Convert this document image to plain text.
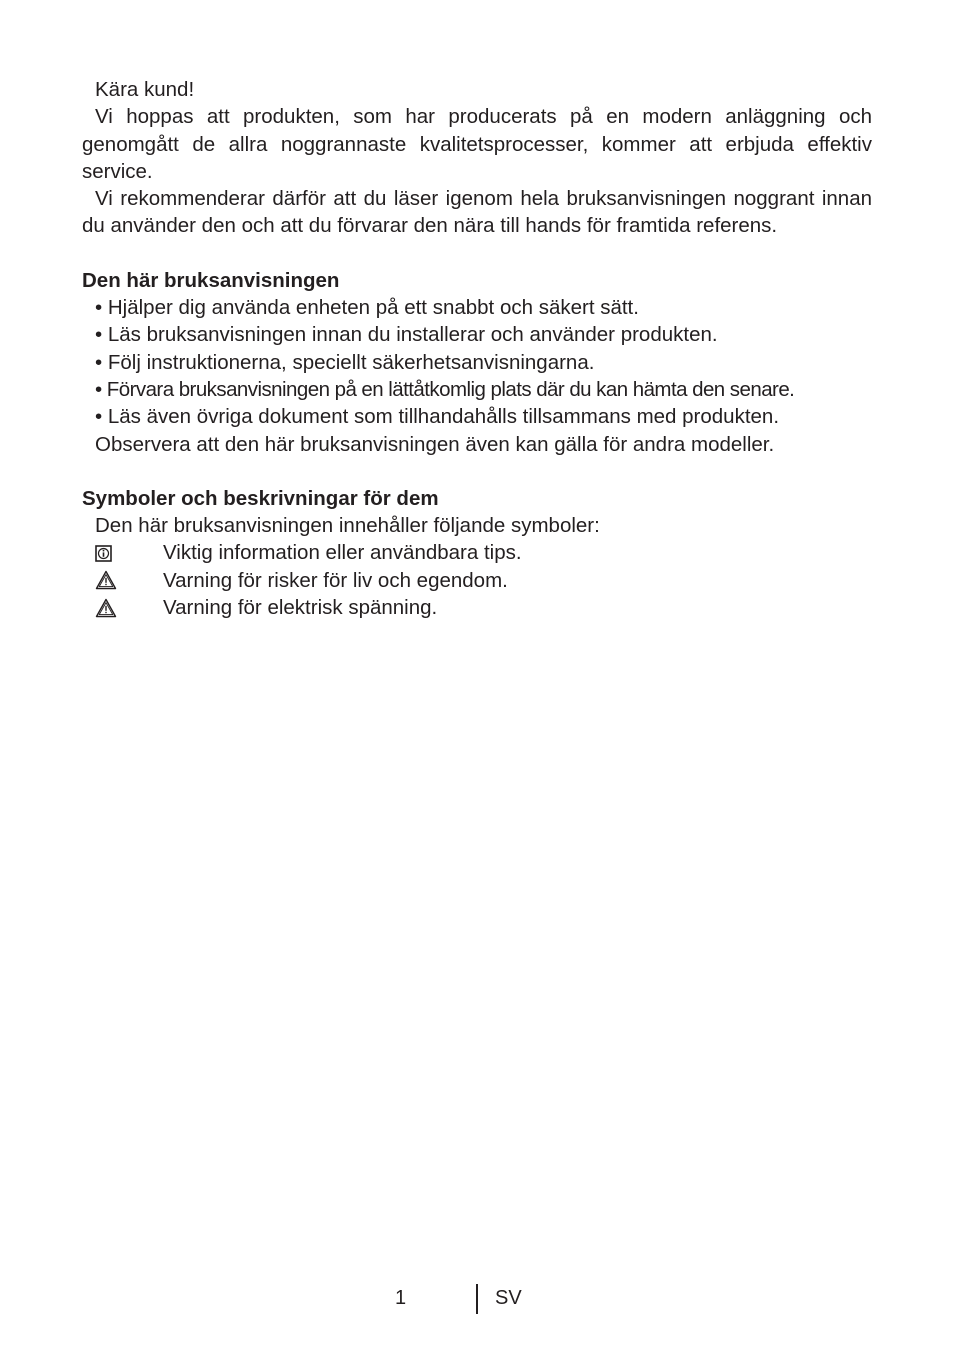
Kära kund!

Vi hoppas att produkten, som har producerats på en modern anläggning och genomgått de allra noggrannaste kvalitetsprocesser, kommer att erbjuda effektiv service.

Vi rekommenderar därför att du läser igenom hela bruksanvisningen noggrant innan du använder den och att du förvarar den nära till hands för framtida referens.

Den här bruksanvisningen
• Hjälper dig använda enheten på ett snabbt och säkert sätt.
• Läs bruksanvisningen innan du installerar och använder produkten.
• Följ instruktionerna, speciellt säkerhetsanvisningarna.
• Förvara bruksanvisningen på en lättåtkomlig plats där du kan hämta den senare.
• Läs även övriga dokument som tillhandahålls tillsammans med produkten.

Observera att den här bruksanvisningen även kan gälla för andra modeller.

Symboler och beskrivningar för dem

Den här bruksanvisningen innehåller följande symboler:

Viktig information eller användbara tips.
Varning för risker för liv och egendom.
Varning för elektrisk spänning.
1	SV
